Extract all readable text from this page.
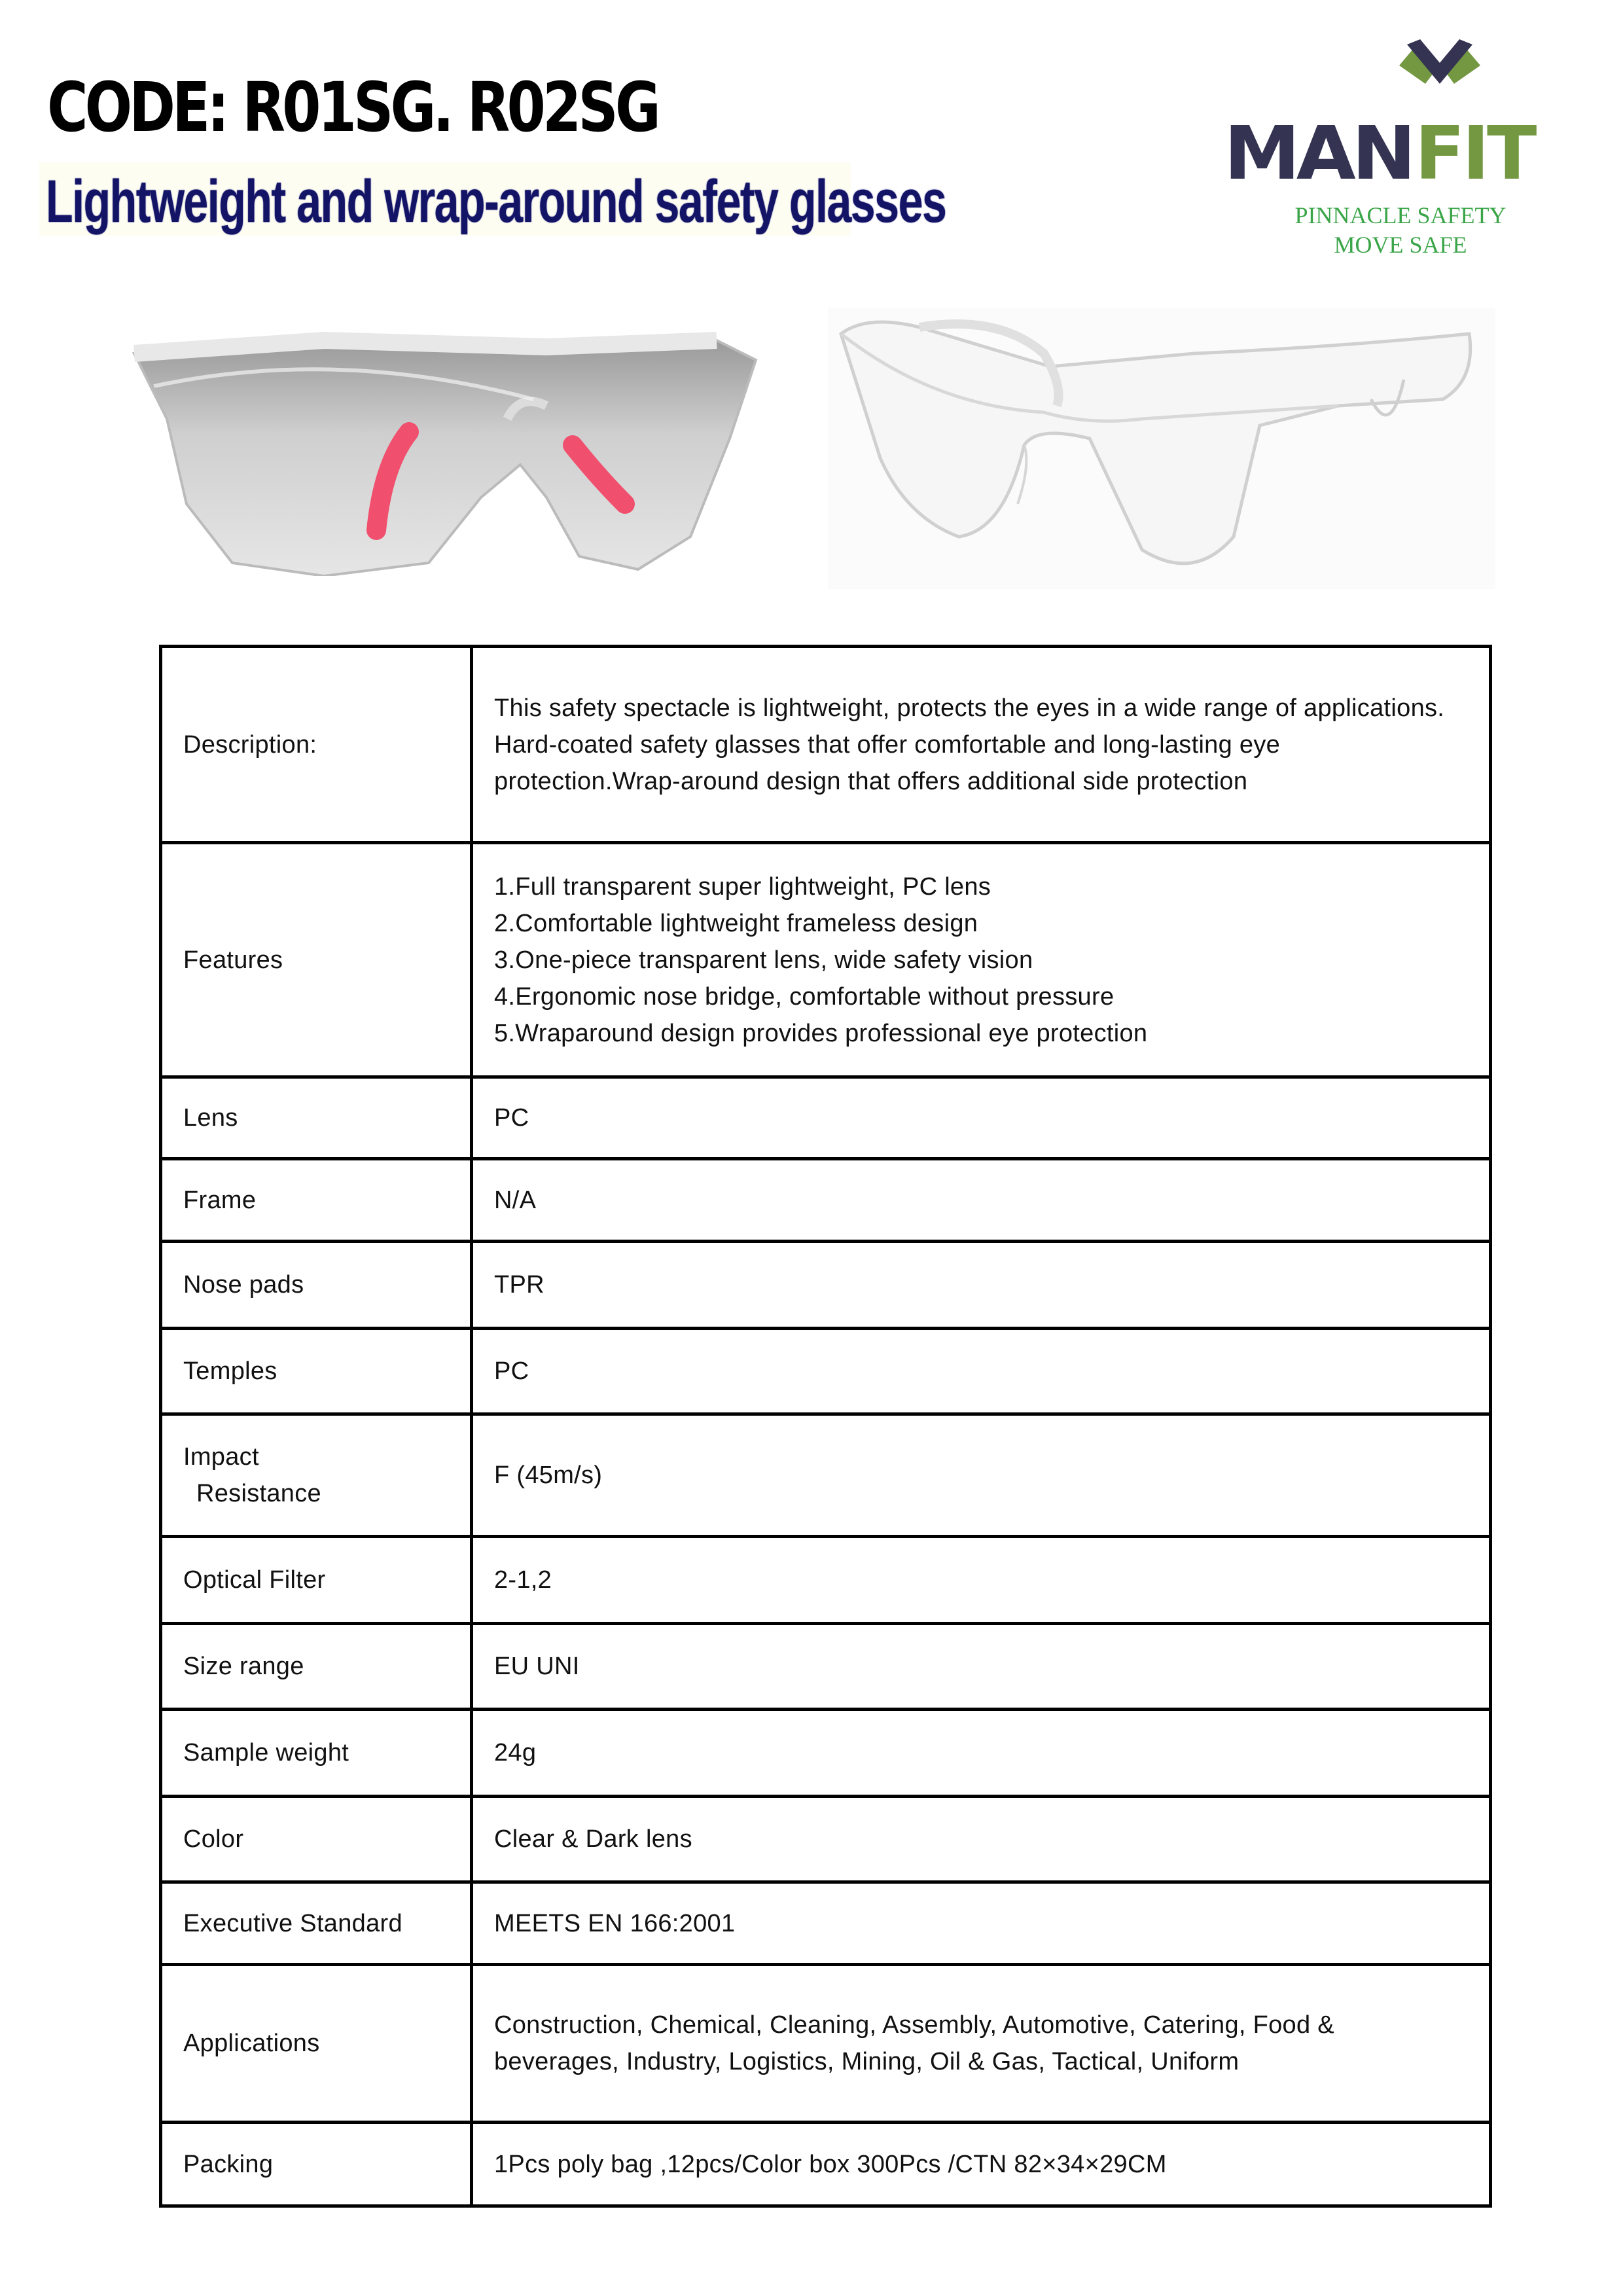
CODE: R01SG. R02SG
Lightweight and wrap-around safety glasses
MAN FIT
PINNACLE SAFETY
MOVE SAFE
Description:	This safety spectacle is lightweight, protects the eyes in a wide range of applications. Hard-coated safety glasses that offer comfortable and long-lasting eye protection.Wrap-around design that offers additional side protection

Features	1.Full transparent super lightweight, PC lens
2.Comfortable lightweight frameless design
3.One-piece transparent lens, wide safety vision
4.Ergonomic nose bridge, comfortable without pressure
5.Wraparound design provides professional eye protection

Lens	PC

Frame	N/A

Nose pads	TPR

Temples	PC

Impact
Resistance	F (45m/s)

Optical Filter	2-1,2

Size range	EU UNI

Sample weight	24g

Color	Clear & Dark lens

Executive Standard	MEETS EN 166:2001

Applications	Construction, Chemical, Cleaning, Assembly, Automotive, Catering, Food & beverages, Industry, Logistics, Mining, Oil & Gas, Tactical, Uniform

Packing	1Pcs poly bag ,12pcs/Color box 300Pcs /CTN 82×34×29CM
